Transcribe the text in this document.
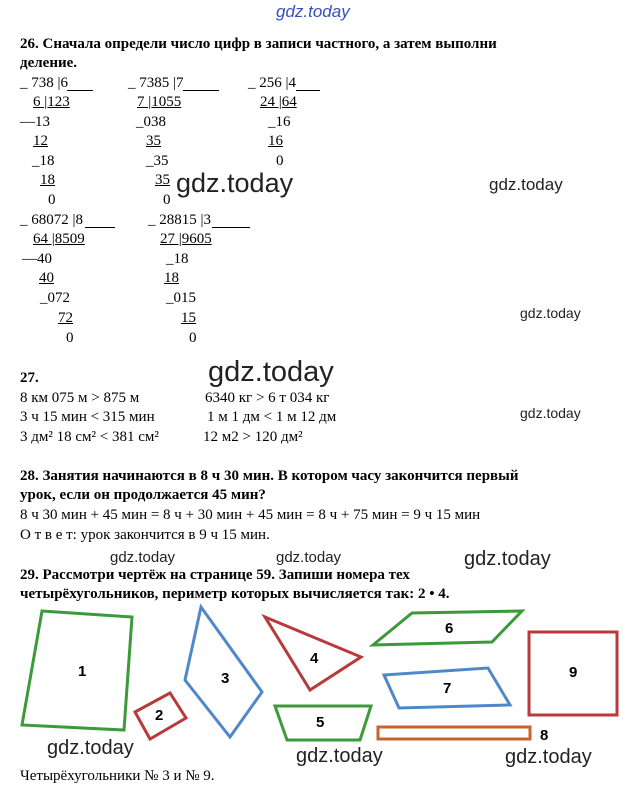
gdz.today
gdz.today	gdz.today
gdz.today
gdz.today
gdz.today
gdz.today	gdz.today	gdz.today
gdz.today	gdz.today	gdz.today
26. Сначала определи число цифр в записи частного, а затем выполни
деление.
_ 738 |6
6 |123
—13
12
_18
18
0
_ 7385 |7
7 |1055
_038
35
_35
35
0
_ 256 |4
24 |64
_16
16
0
_ 68072 |8
64 |8509
—40
40
_072
72
0
_ 28815 |3
27 |9605
_18
18
_015
15
0
27.
8 км 075 м > 875 м	6340 кг > 6 т 034 кг
3 ч 15 мин < 315 мин	1 м 1 дм < 1 м 12 дм
3 дм² 18 см² < 381 см²	12 м2 > 120 дм²
28. Занятия начинаются в 8 ч 30 мин. В котором часу закончится первый
урок, если он продолжается 45 мин?
8 ч 30 мин + 45 мин = 8 ч + 30 мин + 45 мин = 8 ч + 75 мин = 9 ч 15 мин
О т в е т: урок закончится в 9 ч 15 мин.
29. Рассмотри чертёж на странице 59. Запиши номера тех
четырёхугольников, периметр которых вычисляется так: 2 • 4.
1
2
3
4
5
6
7
8
9
Четырёхугольники № 3 и № 9.
